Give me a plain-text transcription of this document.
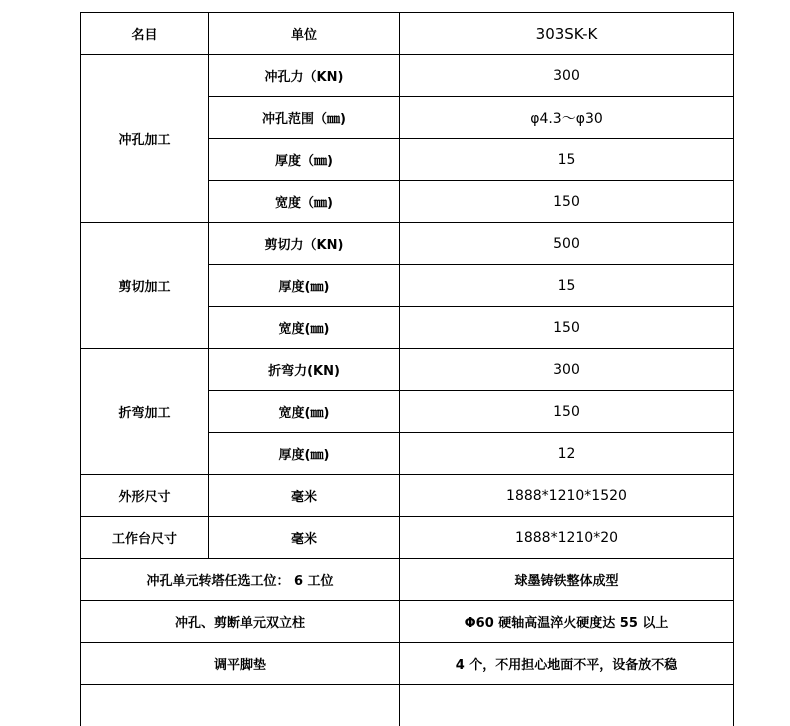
名目	单位	303SK-K
冲孔加工	冲孔力（KN)	300
	冲孔范围（㎜)	φ4.3～φ30
	厚度（㎜)	15
	宽度（㎜)	150
剪切加工	剪切力（KN)	500
	厚度(㎜)	15
	宽度(㎜)	150
折弯加工	折弯力(KN)	300
	宽度(㎜)	150
	厚度(㎜)	12
外形尺寸	毫米	1888*1210*1520
工作台尺寸	毫米	1888*1210*20
冲孔单元转塔任选工位： 6 工位		球墨铸铁整体成型
冲孔、剪断单元双立柱		Φ60 硬轴高温淬火硬度达 55 以上
调平脚垫		4 个，不用担心地面不平，设备放不稳
